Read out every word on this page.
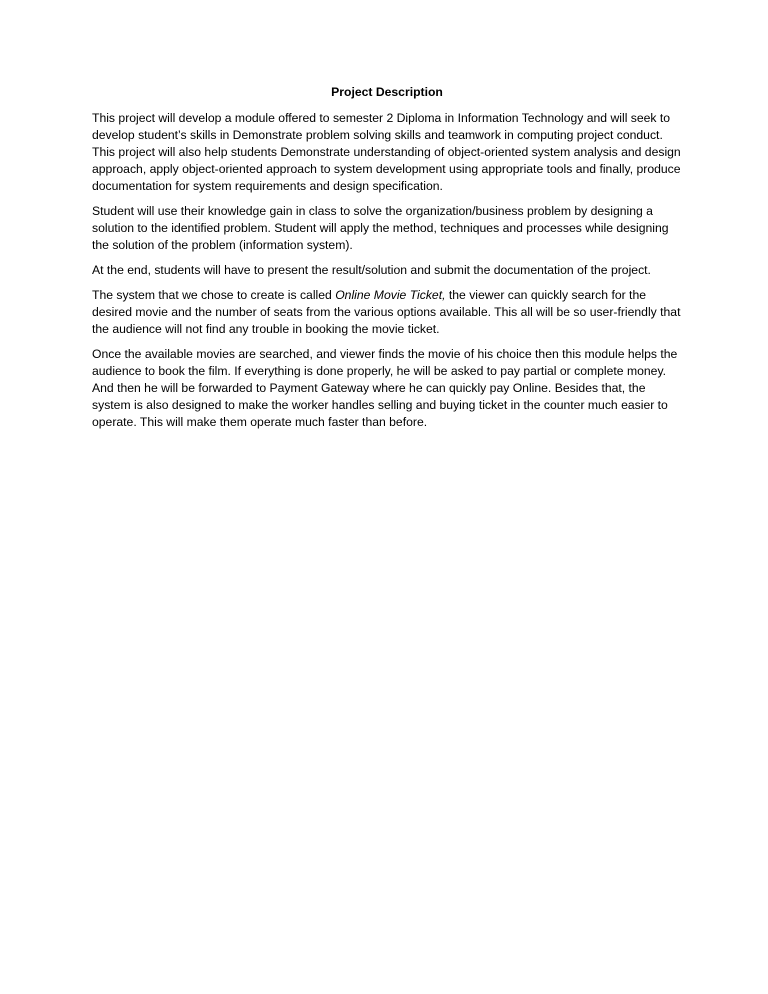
Project Description

This project will develop a module offered to semester 2 Diploma in Information Technology and will seek to develop student’s skills in Demonstrate problem solving skills and teamwork in computing project conduct. This project will also help students Demonstrate understanding of object-oriented system analysis and design approach, apply object-oriented approach to system development using appropriate tools and finally, produce documentation for system requirements and design specification.

Student will use their knowledge gain in class to solve the organization/business problem by designing a solution to the identified problem. Student will apply the method, techniques and processes while designing the solution of the problem (information system).

At the end, students will have to present the result/solution and submit the documentation of the project.

The system that we chose to create is called Online Movie Ticket, the viewer can quickly search for the desired movie and the number of seats from the various options available. This all will be so user-friendly that the audience will not find any trouble in booking the movie ticket.

Once the available movies are searched, and viewer finds the movie of his choice then this module helps the audience to book the film. If everything is done properly, he will be asked to pay partial or complete money. And then he will be forwarded to Payment Gateway where he can quickly pay Online. Besides that, the system is also designed to make the worker handles selling and buying ticket in the counter much easier to operate. This will make them operate much faster than before.
